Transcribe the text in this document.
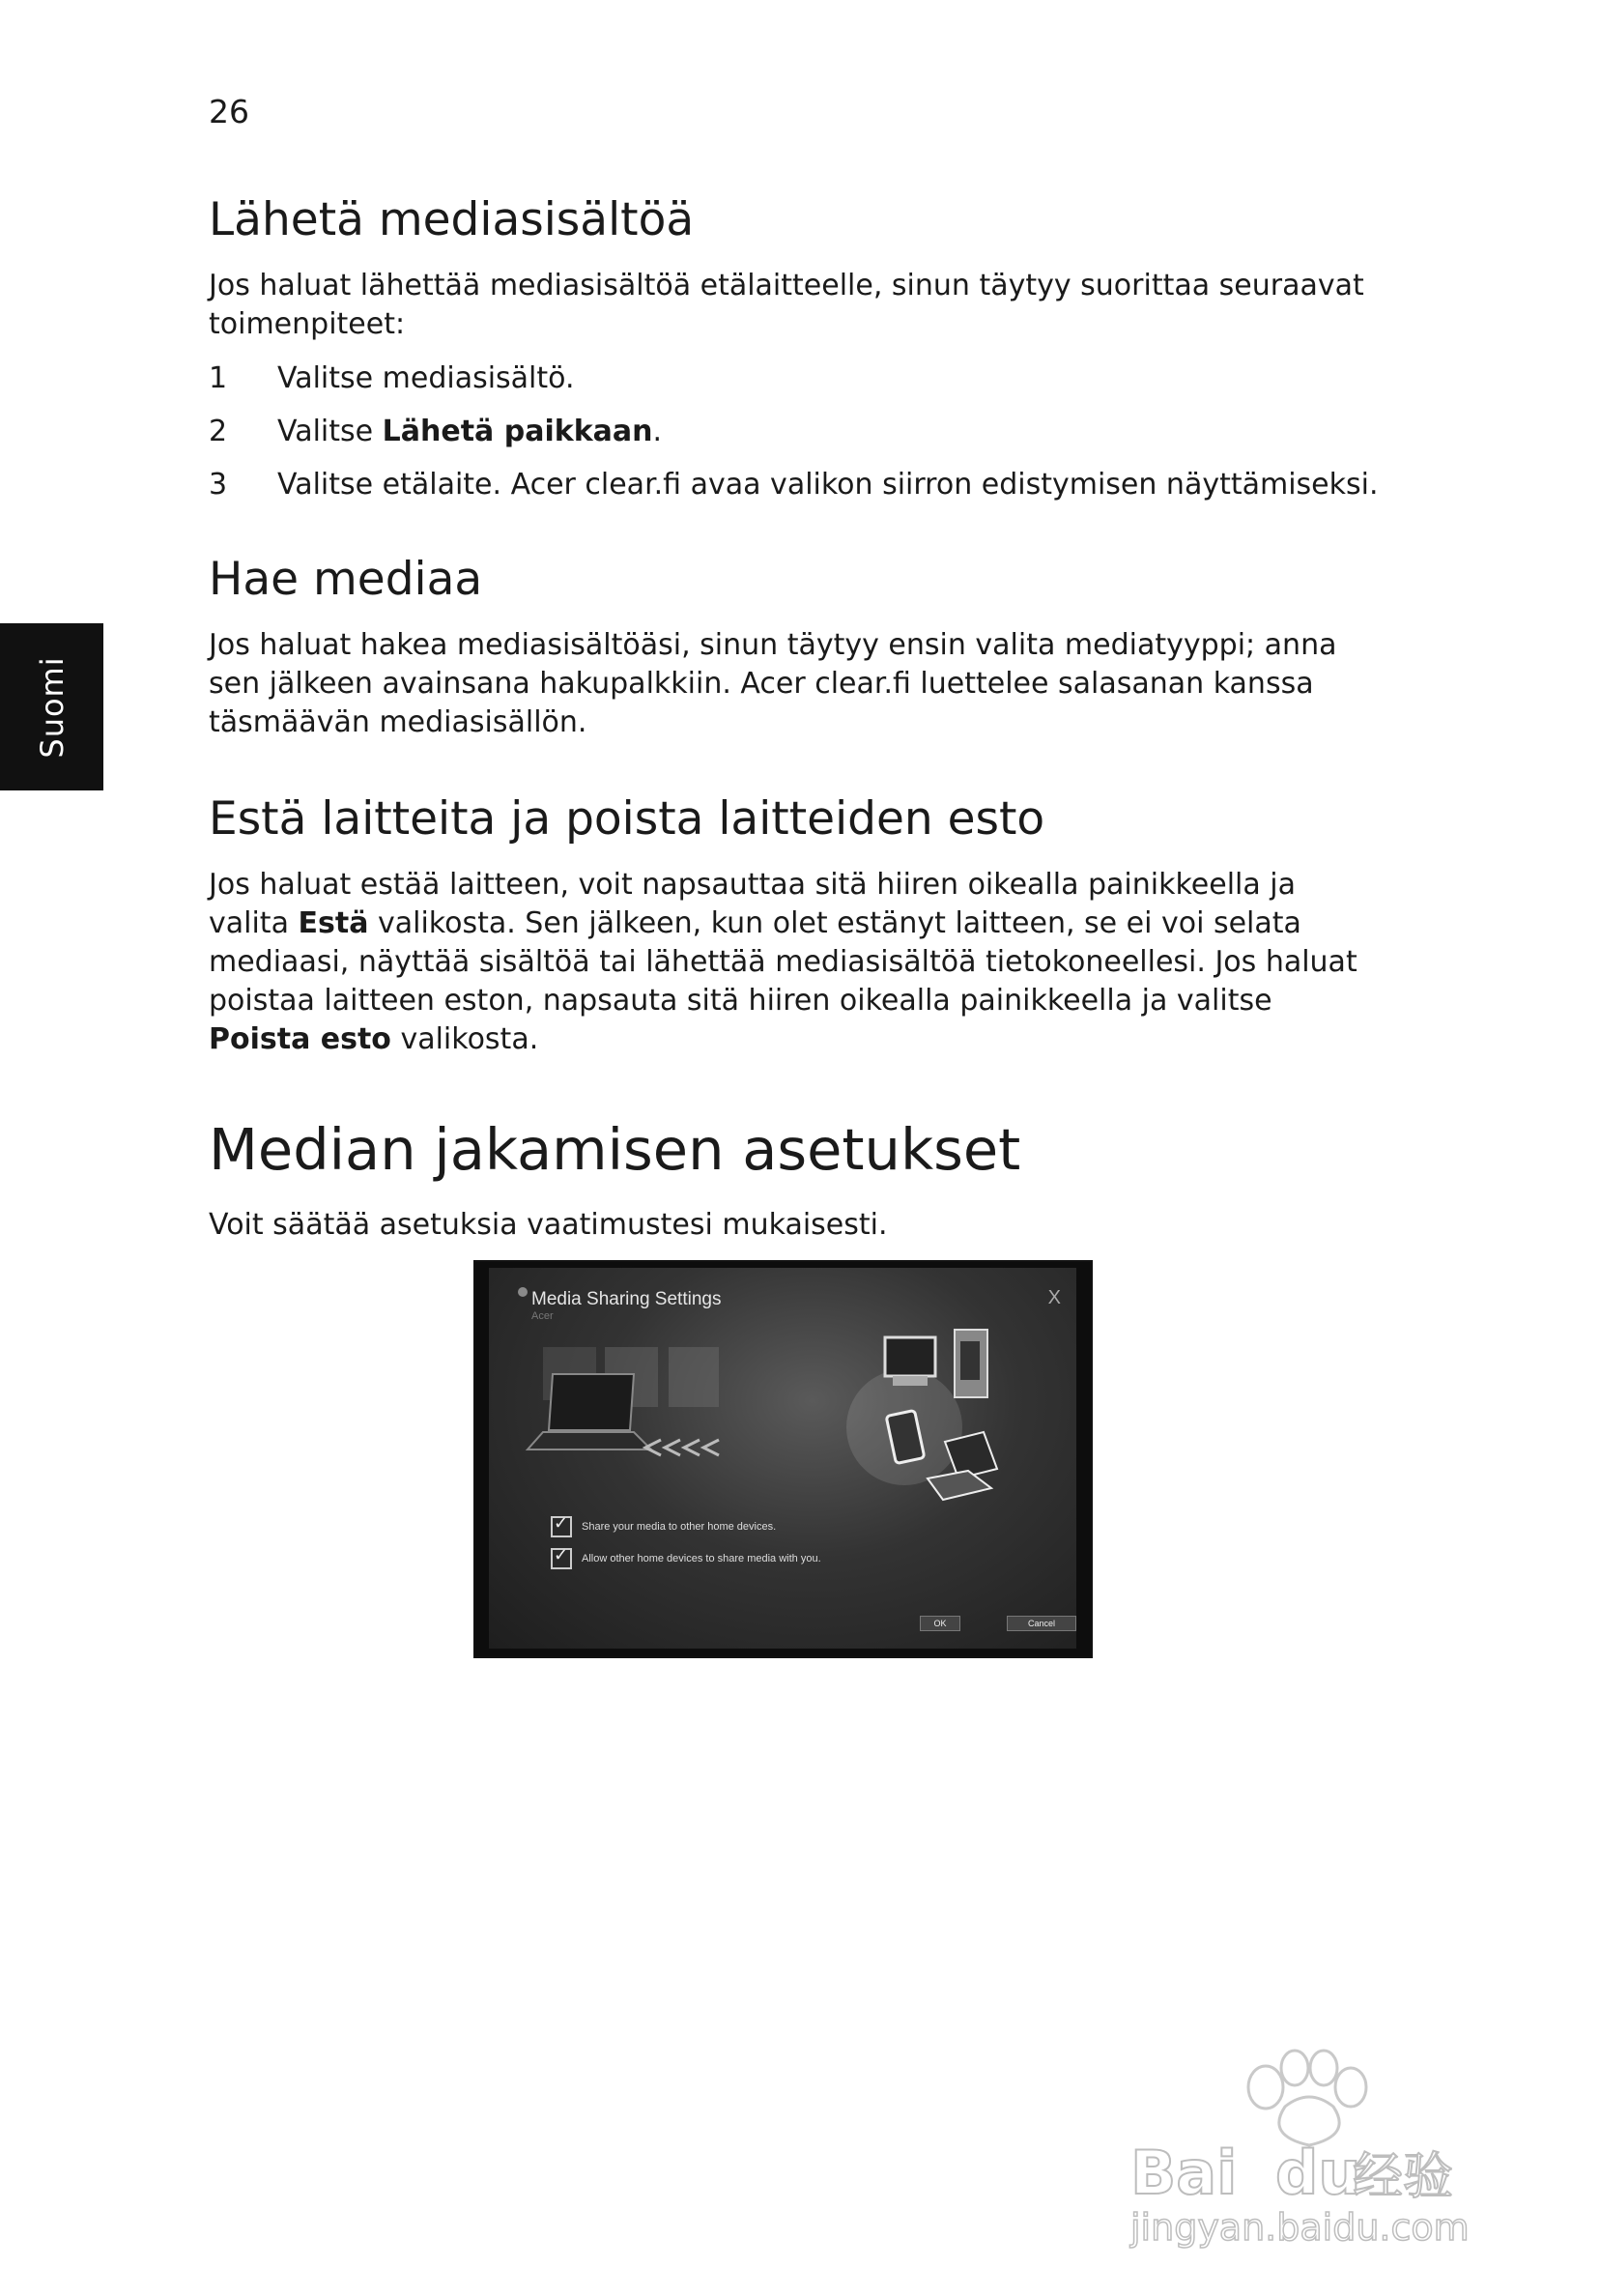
26
Suomi
Lähetä mediasisältöä

Jos haluat lähettää mediasisältöä etälaitteelle, sinun täytyy suorittaa seuraavat toimenpiteet:

1 Valitse mediasisältö.
2 Valitse Lähetä paikkaan.
3 Valitse etälaite. Acer clear.fi avaa valikon siirron edistymisen näyttämiseksi.
Hae mediaa

Jos haluat hakea mediasisältöäsi, sinun täytyy ensin valita mediatyyppi; anna sen jälkeen avainsana hakupalkkiin. Acer clear.fi luettelee salasanan kanssa täsmäävän mediasisällön.

Estä laitteita ja poista laitteiden esto

Jos haluat estää laitteen, voit napsauttaa sitä hiiren oikealla painikkeella ja valita Estä valikosta. Sen jälkeen, kun olet estänyt laitteen, se ei voi selata mediaasi, näyttää sisältöä tai lähettää mediasisältöä tietokoneellesi. Jos haluat poistaa laitteen eston, napsauta sitä hiiren oikealla painikkeella ja valitse Poista esto valikosta.

Median jakamisen asetukset

Voit säätää asetuksia vaatimustesi mukaisesti.

Media Sharing Settings
Acer
X
✓Share your media to other home devices.
✓Allow other home devices to share media with you.
OK	Cancel
Bai du
经验
jingyan.baidu.com
